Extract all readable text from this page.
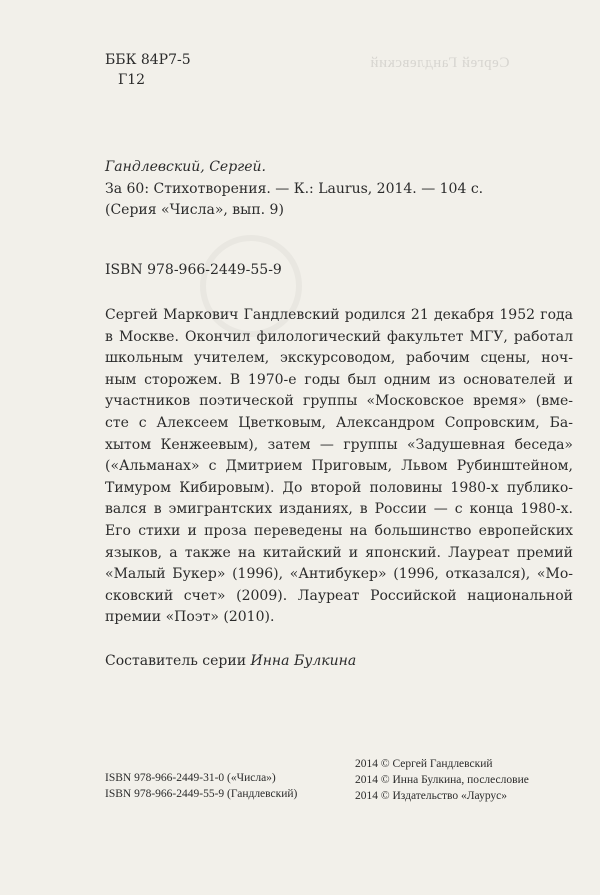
Сергей Гандлевский
ББК 84Р7-5
Г12
Гандлевский, Сергей.
За 60: Стихотворения. — К.: Laurus, 2014. — 104 с.
(Серия «Числа», вып. 9)
ISBN 978-966-2449-55-9

Сергей Маркович Гандлевский родился 21 декабря 1952 года

в Москве. Окончил филологический факультет МГУ, работал

школьным учителем, экскурсоводом, рабочим сцены, ноч-

ным сторожем. В 1970-е годы был одним из основателей и

участников поэтической группы «Московское время» (вме-

сте с Алексеем Цветковым, Александром Сопровским, Ба-

хытом Кенжеевым), затем — группы «Задушевная беседа»

(«Альманах» с Дмитрием Приговым, Львом Рубинштейном,

Тимуром Кибировым). До второй половины 1980-х публико-

вался в эмигрантских изданиях, в России — с конца 1980-х.

Его стихи и проза переведены на большинство европейских

языков, а также на китайский и японский. Лауреат премий

«Малый Букер» (1996), «Антибукер» (1996, отказался), «Мо-

сковский счет» (2009). Лауреат Российской национальной

премии «Поэт» (2010).

Составитель серии Инна Булкина
ISBN 978-966-2449-31-0 («Числа»)
ISBN 978-966-2449-55-9 (Гандлевский)
2014 © Сергей Гандлевский
2014 © Инна Булкина, послесловие
2014 © Издательство «Лаурус»
